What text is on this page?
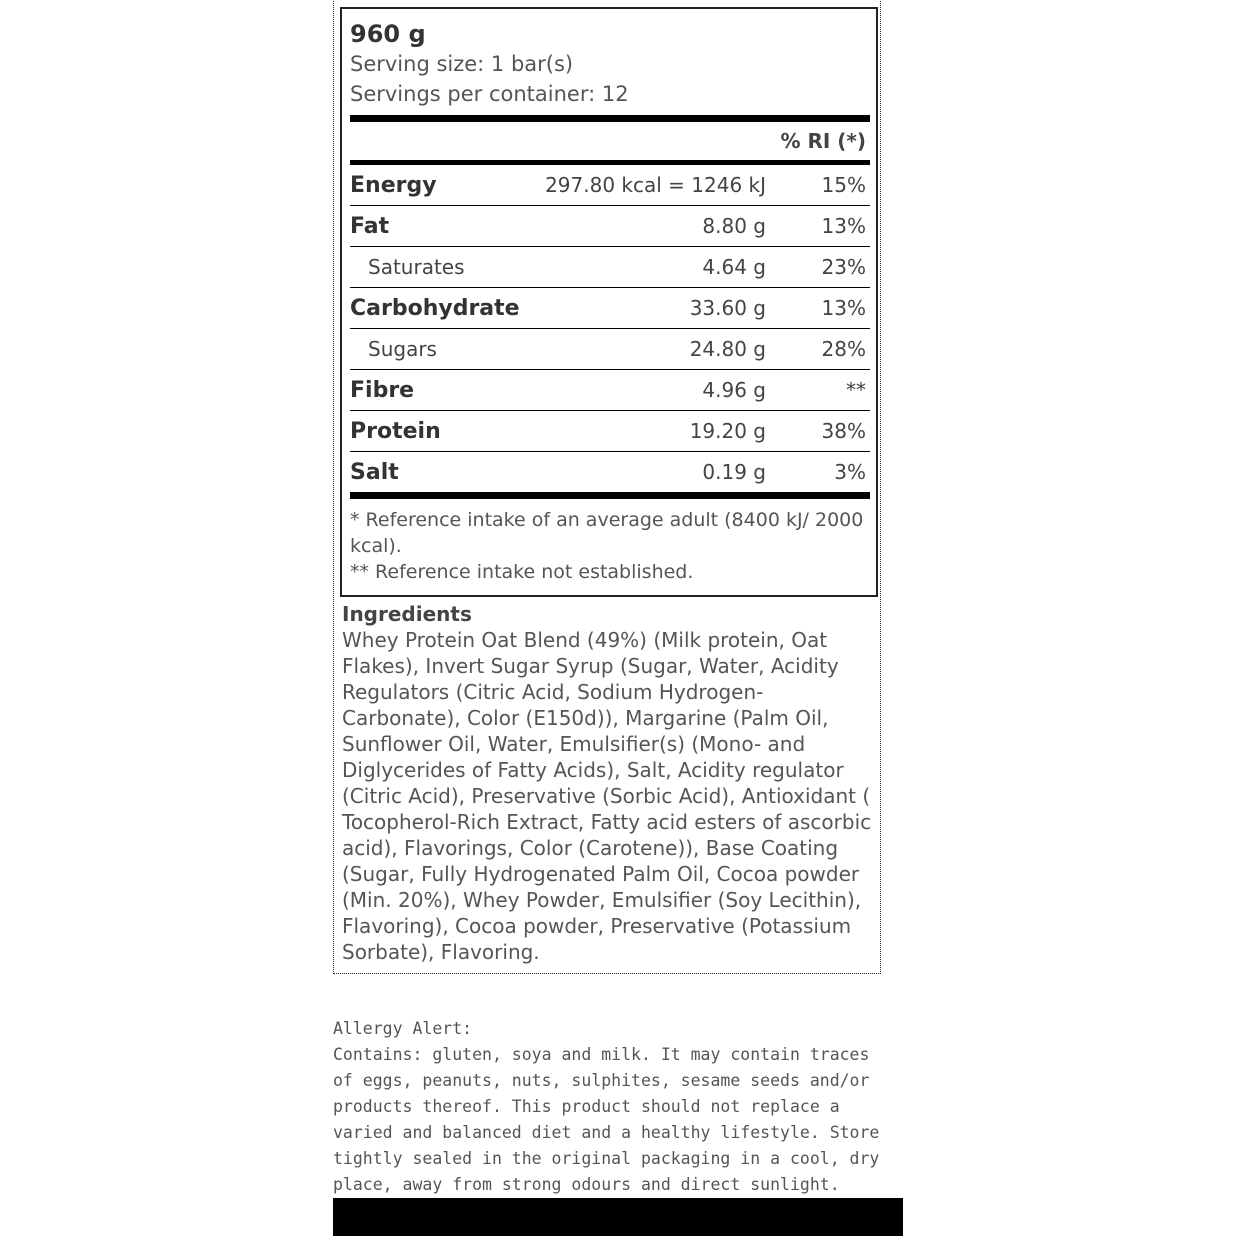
960 g
Serving size: 1 bar(s)
Servings per container: 12
% RI (*)
Energy	297.80 kcal = 1246 kJ	15%
Fat	8.80 g	13%
Saturates	4.64 g	23%
Carbohydrate	33.60 g	13%
Sugars	24.80 g	28%
Fibre	4.96 g	**
Protein	19.20 g	38%
Salt	0.19 g	3%
* Reference intake of an average adult (8400 kJ/ 2000 kcal).
** Reference intake not established.
Ingredients
Whey Protein Oat Blend (49%) (Milk protein, Oat Flakes), Invert Sugar Syrup (Sugar, Water, Acidity Regulators (Citric Acid, Sodium Hydrogen-Carbonate), Color (E150d)), Margarine (Palm Oil, Sunflower Oil, Water, Emulsifier(s) (Mono- and Diglycerides of Fatty Acids), Salt, Acidity regulator (Citric Acid), Preservative (Sorbic Acid), Antioxidant ( Tocopherol-Rich Extract, Fatty acid esters of ascorbic acid), Flavorings, Color (Carotene)), Base Coating (Sugar, Fully Hydrogenated Palm Oil, Cocoa powder (Min. 20%), Whey Powder, Emulsifier (Soy Lecithin), Flavoring), Cocoa powder, Preservative (Potassium Sorbate), Flavoring.
Allergy Alert:
Contains: gluten, soya and milk. It may contain traces of eggs, peanuts, nuts, sulphites, sesame seeds and/or products thereof. This product should not replace a varied and balanced diet and a healthy lifestyle. Store tightly sealed in the original packaging in a cool, dry place, away from strong odours and direct sunlight.
